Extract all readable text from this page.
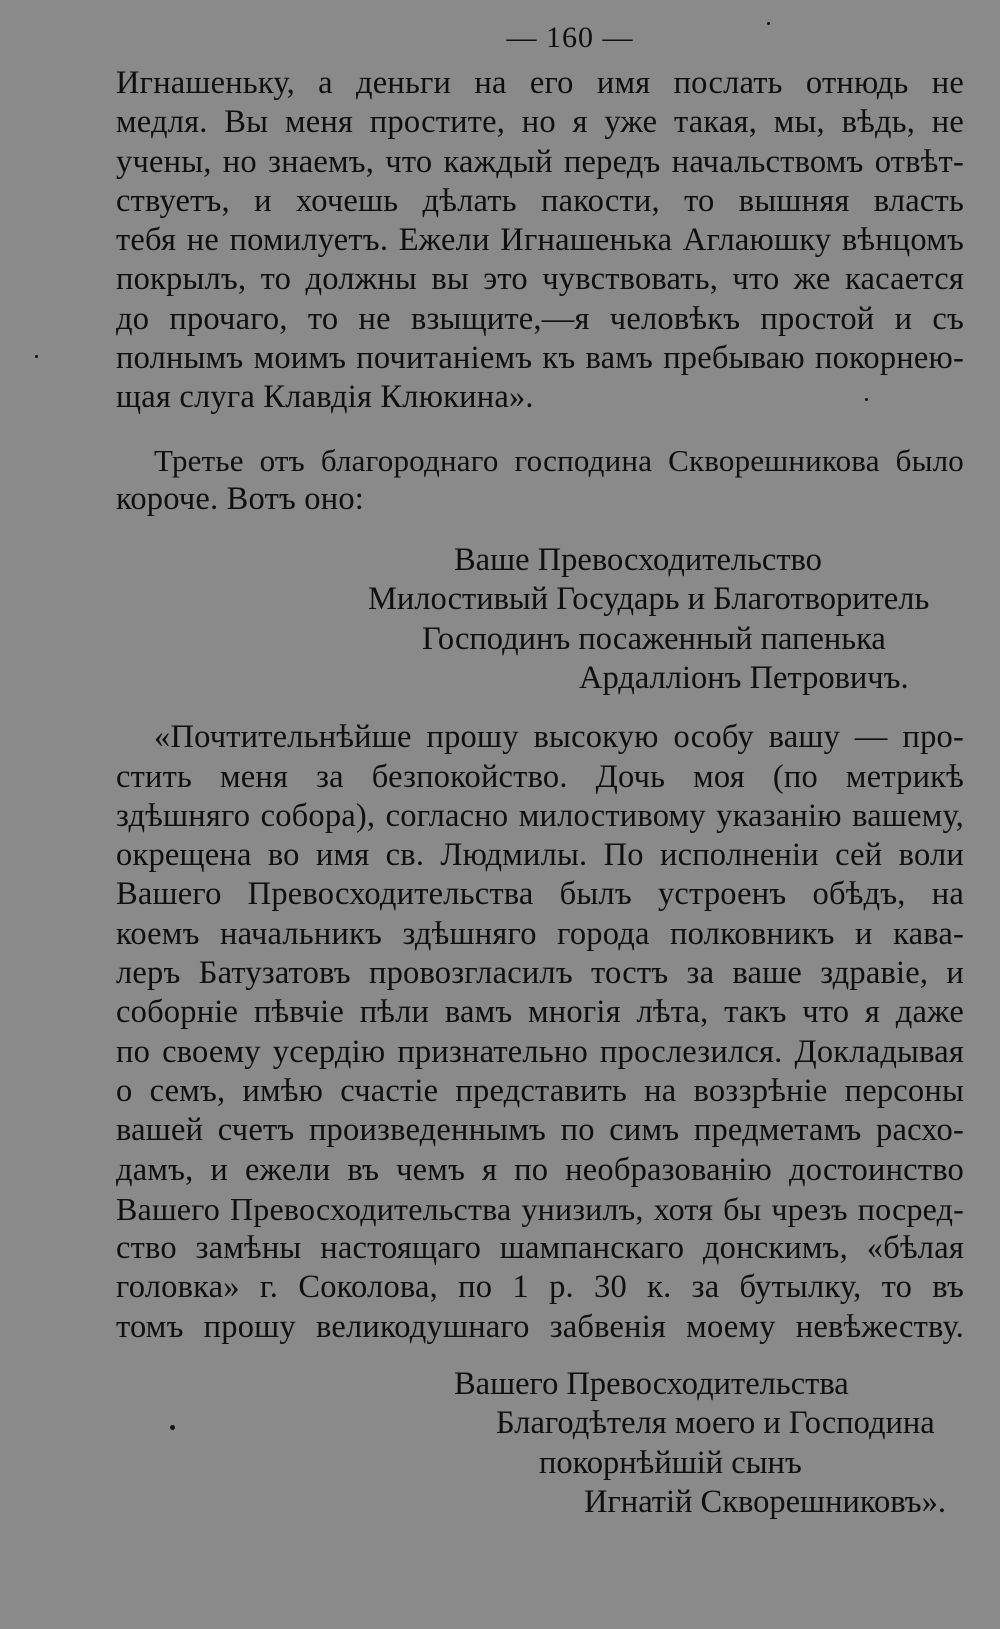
— 160 —

Игнашеньку, а деньги на его имя послать отнюдь не
медля. Вы меня простите, но я уже такая, мы, вѣдь, не
учены, но знаемъ, что каждый передъ начальствомъ отвѣт-
ствуетъ, и хочешь дѣлать пакости, то вышняя власть
тебя не помилуетъ. Ежели Игнашенька Аглаюшку вѣнцомъ
покрылъ, то должны вы это чувствовать, что же касается
до прочаго, то не взыщите,—я человѣкъ простой и съ
полнымъ моимъ почитаніемъ къ вамъ пребываю покорнею-
щая слуга Клавдія Клюкина».

Третье отъ благороднаго господина Скворешникова было
короче. Вотъ оно:

Ваше Превосходительство
Милостивый Государь и Благотворитель
Господинъ посаженный папенька
Ардалліонъ Петровичъ.

«Почтительнѣйше прошу высокую особу вашу — про-
стить меня за безпокойство. Дочь моя (по метрикѣ
здѣшняго собора), согласно милостивому указанію вашему,
окрещена во имя св. Людмилы. По исполненіи сей воли
Вашего Превосходительства былъ устроенъ обѣдъ, на
коемъ начальникъ здѣшняго города полковникъ и кава-
леръ Батузатовъ провозгласилъ тостъ за ваше здравіе, и
соборніе пѣвчіе пѣли вамъ многія лѣта, такъ что я даже
по своему усердію признательно прослезился. Докладывая
о семъ, имѣю счастіе представить на воззрѣніе персоны
вашей счетъ произведеннымъ по симъ предметамъ расхо-
дамъ, и ежели въ чемъ я по необразованію достоинство
Вашего Превосходительства унизилъ, хотя бы чрезъ посред-
ство замѣны настоящаго шампанскаго донскимъ, «бѣлая
головка» г. Соколова, по 1 р. 30 к. за бутылку, то въ
томъ прошу великодушнаго забвенія моему невѣжеству.

Вашего Превосходительства
Благодѣтеля моего и Господина
покорнѣйшій сынъ
Игнатій Скворешниковъ».
